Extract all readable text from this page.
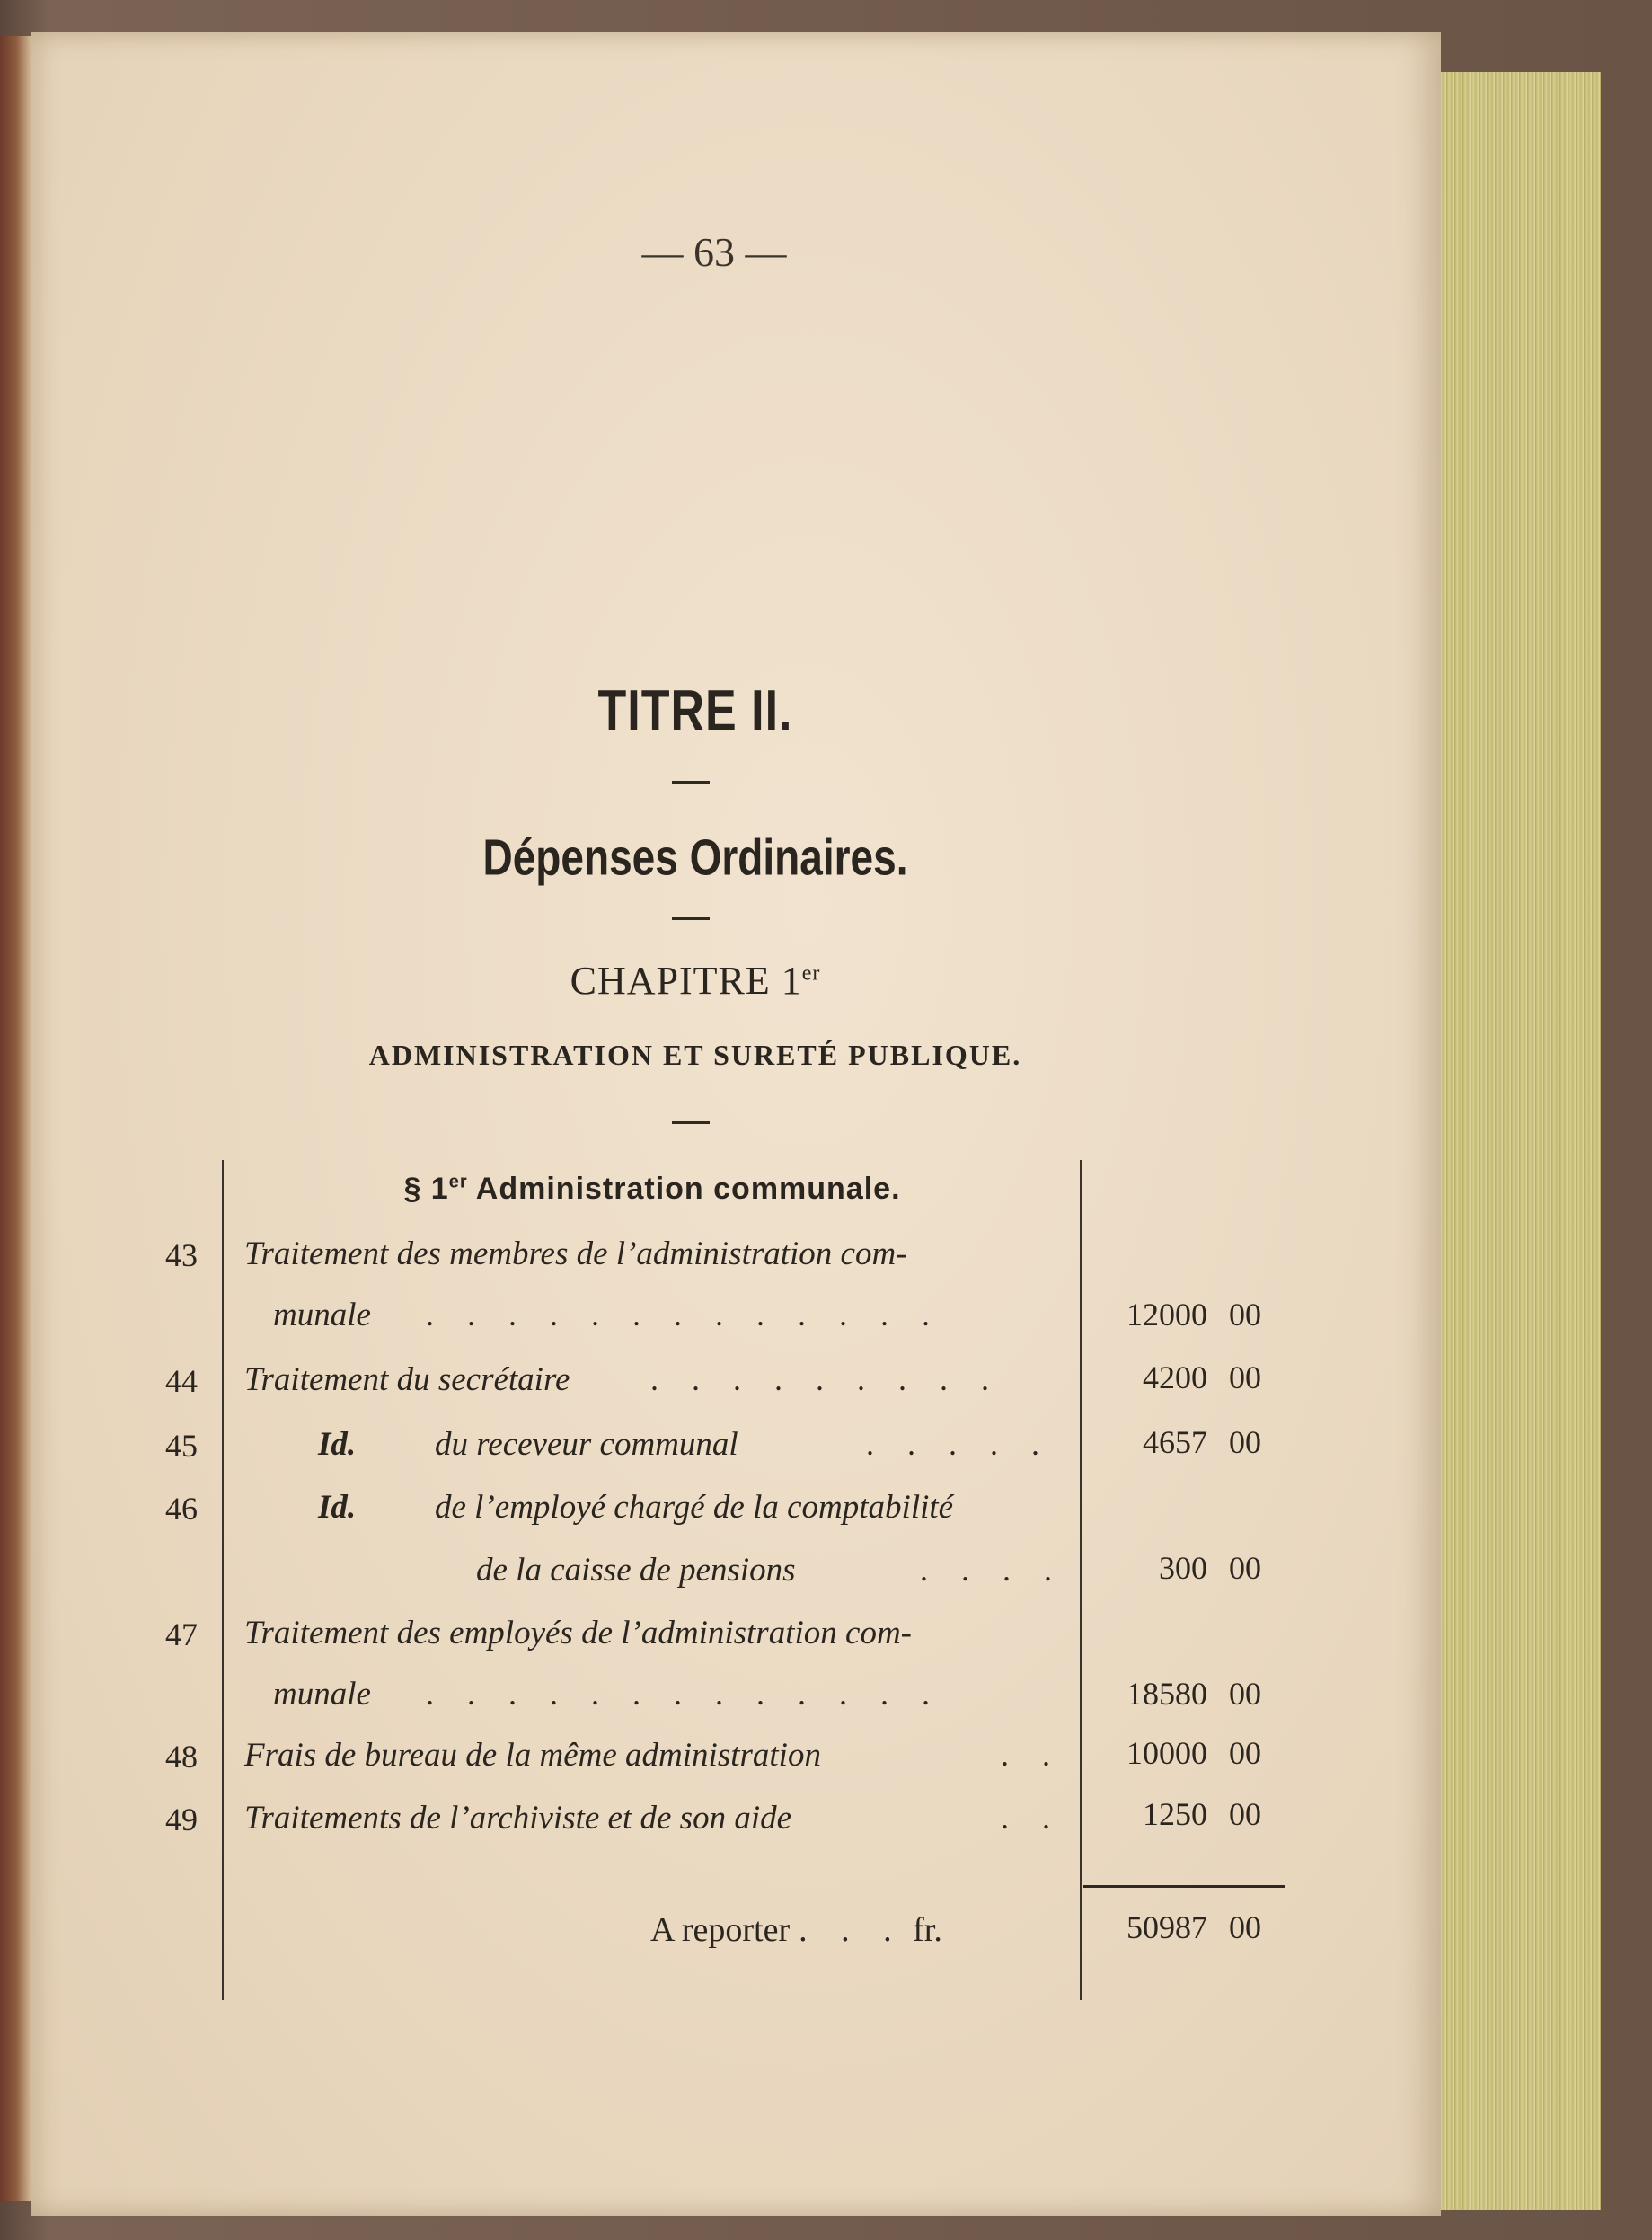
— 63 —
TITRE II.
Dépenses Ordinaires.
CHAPITRE 1er
ADMINISTRATION ET SURETÉ PUBLIQUE.
§ 1er Administration communale.
43	Traitement des membres de l’administration com-
munale . . . . . . . . . . . . .	12000 00
44	Traitement du secrétaire . . . . . . . . .	4200 00
45	Id. du receveur communal	. . . . .	4657 00
46	Id. de l’employé chargé de la comptabilité
de la caisse de pensions	. . . .	300 00
47	Traitement des employés de l’administration com-
munale . . . . . . . . . . . . .	18580 00
48	Frais de bureau de la même administration	. .	10000 00
49	Traitements de l’archiviste et de son aide	. .	1250 00
A reporter . . . fr.	50987 00
